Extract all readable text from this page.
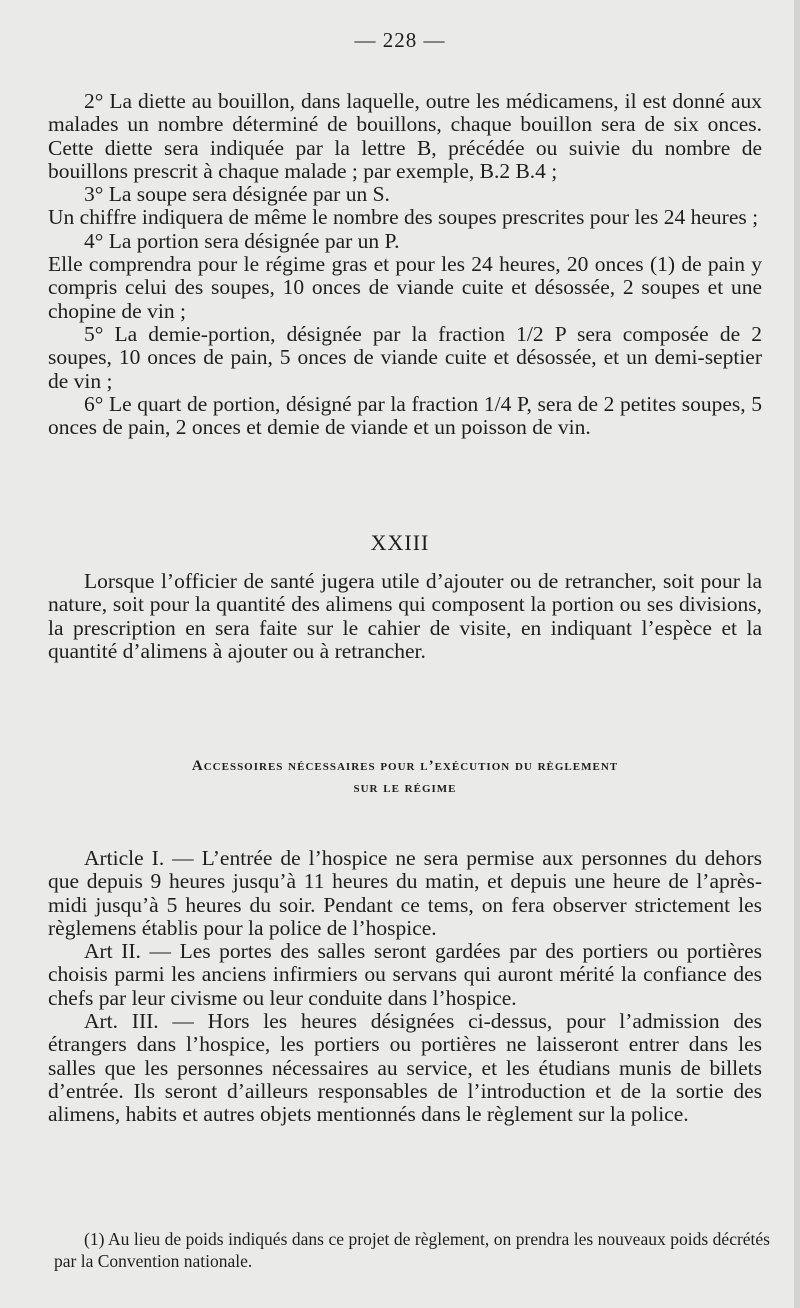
— 228 —

2° La diette au bouillon, dans laquelle, outre les médicamens, il est donné aux malades un nombre déterminé de bouillons, chaque bouillon sera de six onces. Cette diette sera indiquée par la lettre B, précédée ou suivie du nombre de bouillons prescrit à chaque malade ; par exemple, B.2 B.4 ;

3° La soupe sera désignée par un S.

Un chiffre indiquera de même le nombre des soupes prescrites pour les 24 heures ;

4° La portion sera désignée par un P.

Elle comprendra pour le régime gras et pour les 24 heures, 20 onces (1) de pain y compris celui des soupes, 10 onces de viande cuite et désossée, 2 soupes et une chopine de vin ;

5° La demie-portion, désignée par la fraction 1/2 P sera composée de 2 soupes, 10 onces de pain, 5 onces de viande cuite et désossée, et un demi-septier de vin ;

6° Le quart de portion, désigné par la fraction 1/4 P, sera de 2 petites soupes, 5 onces de pain, 2 onces et demie de viande et un poisson de vin.

XXIII

Lorsque l’officier de santé jugera utile d’ajouter ou de retrancher, soit pour la nature, soit pour la quantité des alimens qui composent la portion ou ses divisions, la prescription en sera faite sur le cahier de visite, en indiquant l’espèce et la quantité d’alimens à ajouter ou à retrancher.

Accessoires nécessaires pour l’exécution du règlement
sur le régime

Article I. — L’entrée de l’hospice ne sera permise aux personnes du dehors que depuis 9 heures jusqu’à 11 heures du matin, et depuis une heure de l’après-midi jusqu’à 5 heures du soir. Pendant ce tems, on fera observer strictement les règlemens établis pour la police de l’hospice.

Art II. — Les portes des salles seront gardées par des portiers ou portières choisis parmi les anciens infirmiers ou servans qui auront mérité la confiance des chefs par leur civisme ou leur conduite dans l’hospice.

Art. III. — Hors les heures désignées ci-dessus, pour l’admission des étrangers dans l’hospice, les portiers ou portières ne laisseront entrer dans les salles que les personnes nécessaires au service, et les étudians munis de billets d’entrée. Ils seront d’ailleurs responsables de l’introduction et de la sortie des alimens, habits et autres objets mentionnés dans le règlement sur la police.

(1) Au lieu de poids indiqués dans ce projet de règlement, on prendra les nouveaux poids décrétés par la Convention nationale.
